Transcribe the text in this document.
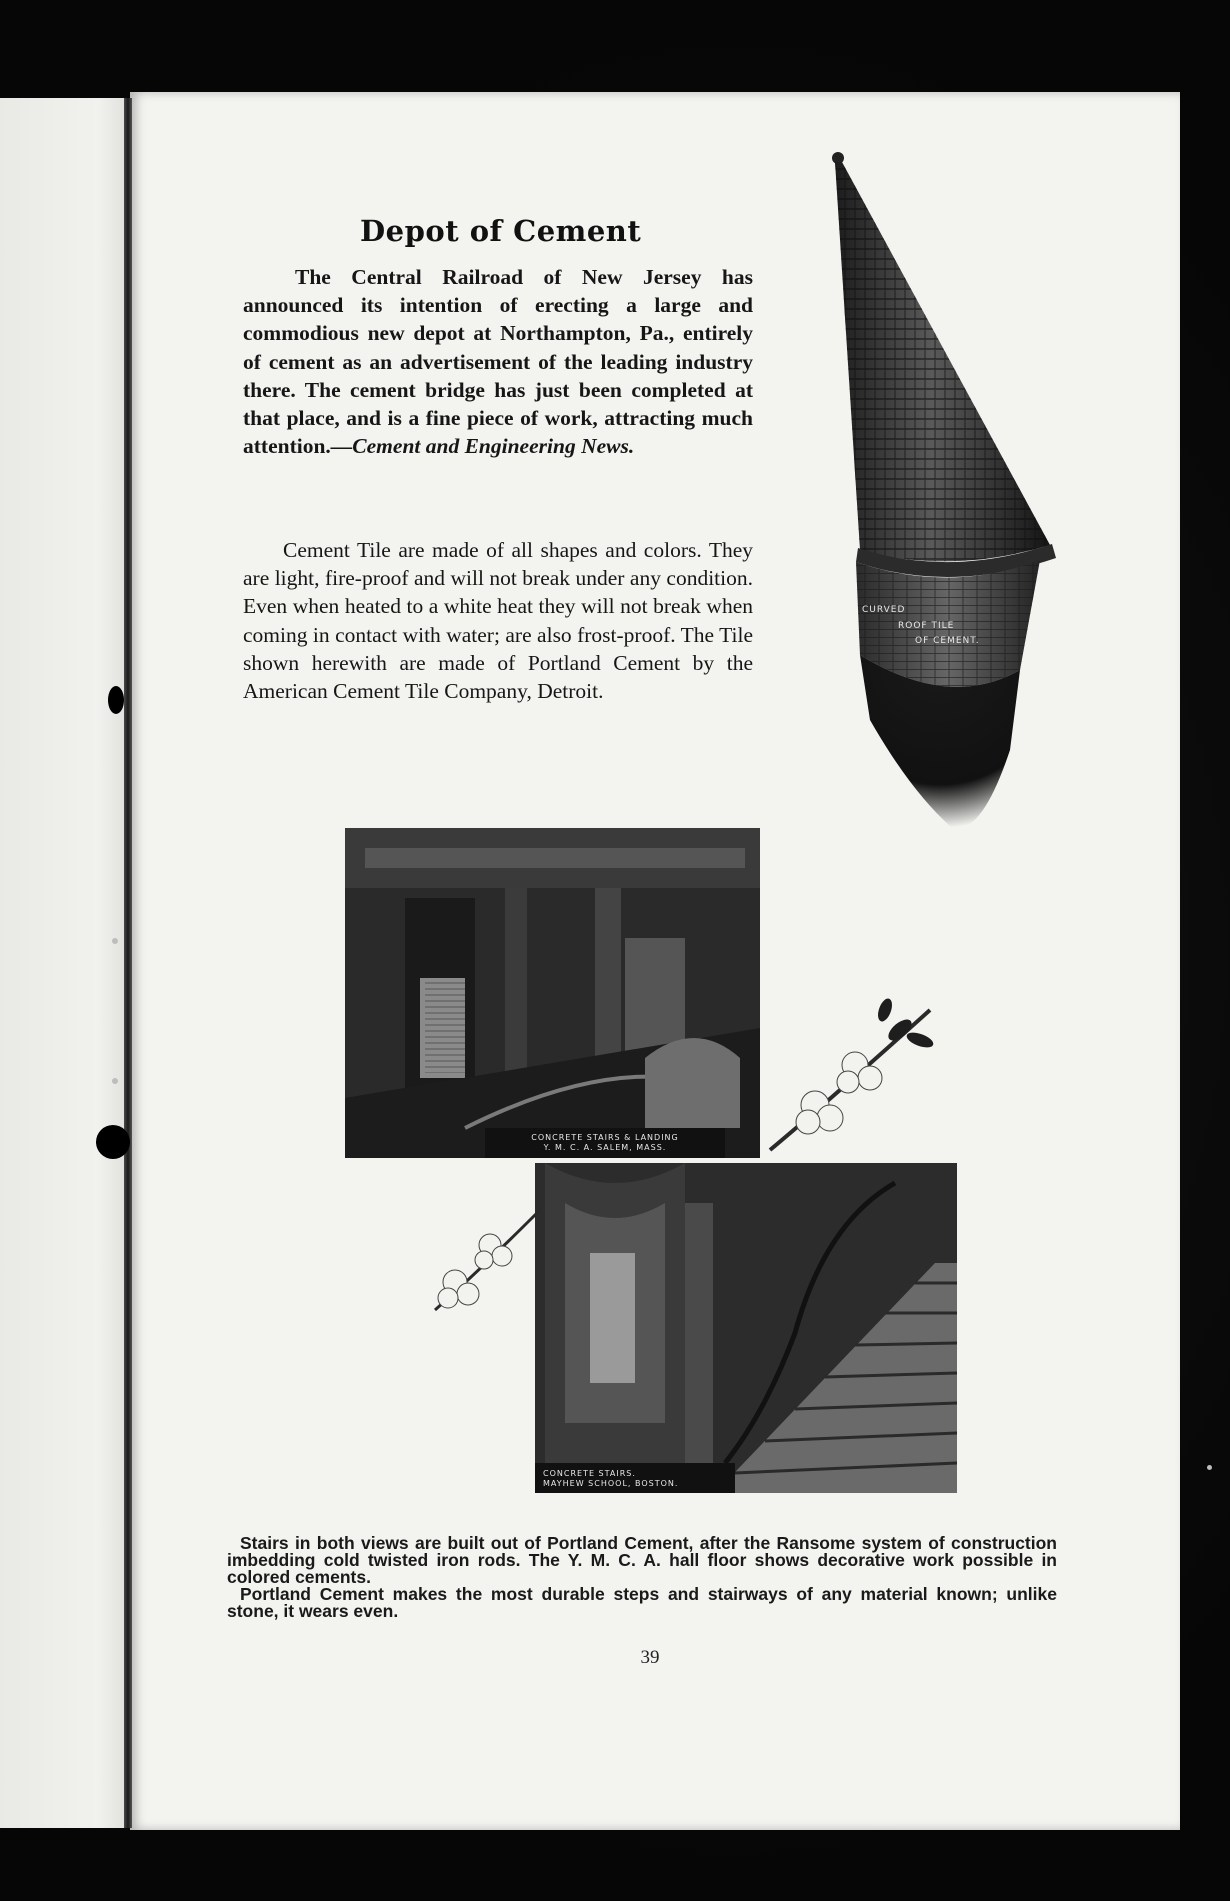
Depot of Cement

The Central Railroad of New Jersey has announced its intention of erecting a large and commodious new depot at Northampton, Pa., entirely of cement as an advertisement of the leading industry there. The cement bridge has just been completed at that place, and is a fine piece of work, attracting much attention.—Cement and Engineering News.

Cement Tile are made of all shapes and colors. They are light, fire-proof and will not break under any condition. Even when heated to a white heat they will not break when coming in contact with water; are also frost-proof. The Tile shown herewith are made of Portland Cement by the American Cement Tile Company, Detroit.

CURVED
ROOF TILE
OF CEMENT.
CONCRETE STAIRS & LANDING
Y. M. C. A. SALEM, MASS.
CONCRETE STAIRS.
MAYHEW SCHOOL, BOSTON.

Stairs in both views are built out of Portland Cement, after the Ransome system of construction imbedding cold twisted iron rods. The Y. M. C. A. hall floor shows decorative work possible in colored cements.

Portland Cement makes the most durable steps and stairways of any material known; unlike stone, it wears even.

39
